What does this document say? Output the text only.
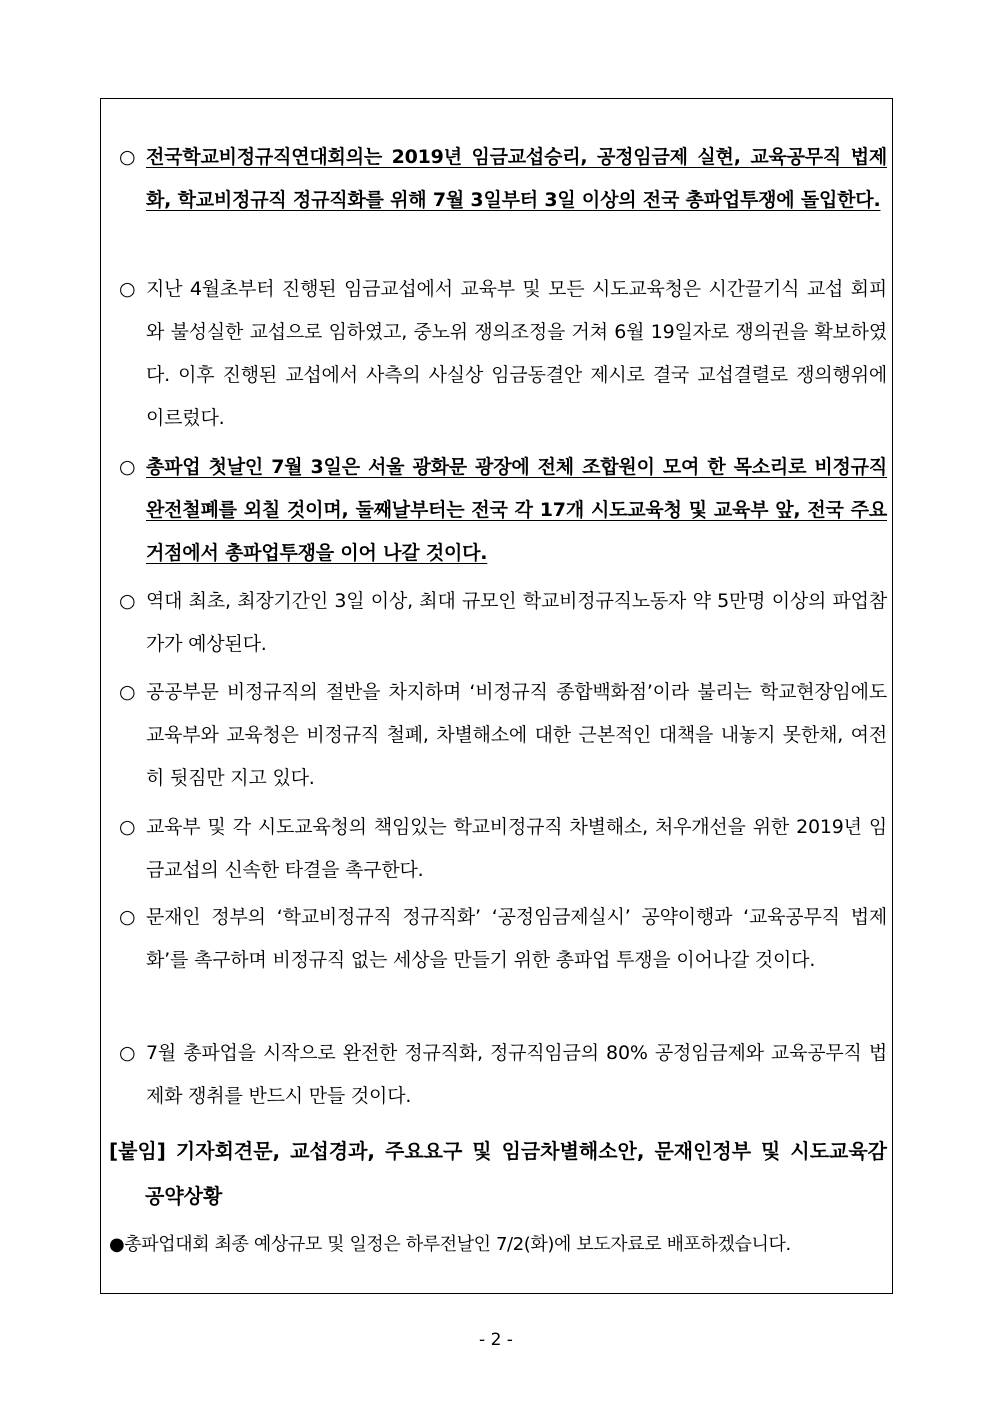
○ 전국학교비정규직연대회의는 2019년 임금교섭승리, 공정임금제 실현, 교육공무직 법제화, 학교비정규직 정규직화를 위해 7월 3일부터 3일 이상의 전국 총파업투쟁에 돌입한다.
○ 지난 4월초부터 진행된 임금교섭에서 교육부 및 모든 시도교육청은 시간끌기식 교섭 회피와 불성실한 교섭으로 임하였고, 중노위 쟁의조정을 거쳐 6월 19일자로 쟁의권을 확보하였다. 이후 진행된 교섭에서 사측의 사실상 임금동결안 제시로 결국 교섭결렬로 쟁의행위에 이르렀다.
○ 총파업 첫날인 7월 3일은 서울 광화문 광장에 전체 조합원이 모여 한 목소리로 비정규직 완전철폐를 외칠 것이며, 둘째날부터는 전국 각 17개 시도교육청 및 교육부 앞, 전국 주요 거점에서 총파업투쟁을 이어 나갈 것이다.
○ 역대 최초, 최장기간인 3일 이상, 최대 규모인 학교비정규직노동자 약 5만명 이상의 파업참가가 예상된다.
○ 공공부문 비정규직의 절반을 차지하며 ‘비정규직 종합백화점’이라 불리는 학교현장임에도 교육부와 교육청은 비정규직 철폐, 차별해소에 대한 근본적인 대책을 내놓지 못한채, 여전히 뒷짐만 지고 있다.
○ 교육부 및 각 시도교육청의 책임있는 학교비정규직 차별해소, 처우개선을 위한 2019년 임금교섭의 신속한 타결을 촉구한다.
○ 문재인 정부의 ‘학교비정규직 정규직화’ ‘공정임금제실시’ 공약이행과 ‘교육공무직 법제화’를 촉구하며 비정규직 없는 세상을 만들기 위한 총파업 투쟁을 이어나갈 것이다.
○ 7월 총파업을 시작으로 완전한 정규직화, 정규직임금의 80% 공정임금제와 교육공무직 법제화 쟁취를 반드시 만들 것이다.
[붙임] 기자회견문, 교섭경과, 주요요구 및 임금차별해소안, 문재인정부 및 시도교육감 공약상황
●총파업대회 최종 예상규모 및 일정은 하루전날인 7/2(화)에 보도자료로 배포하겠습니다.
- 2 -
